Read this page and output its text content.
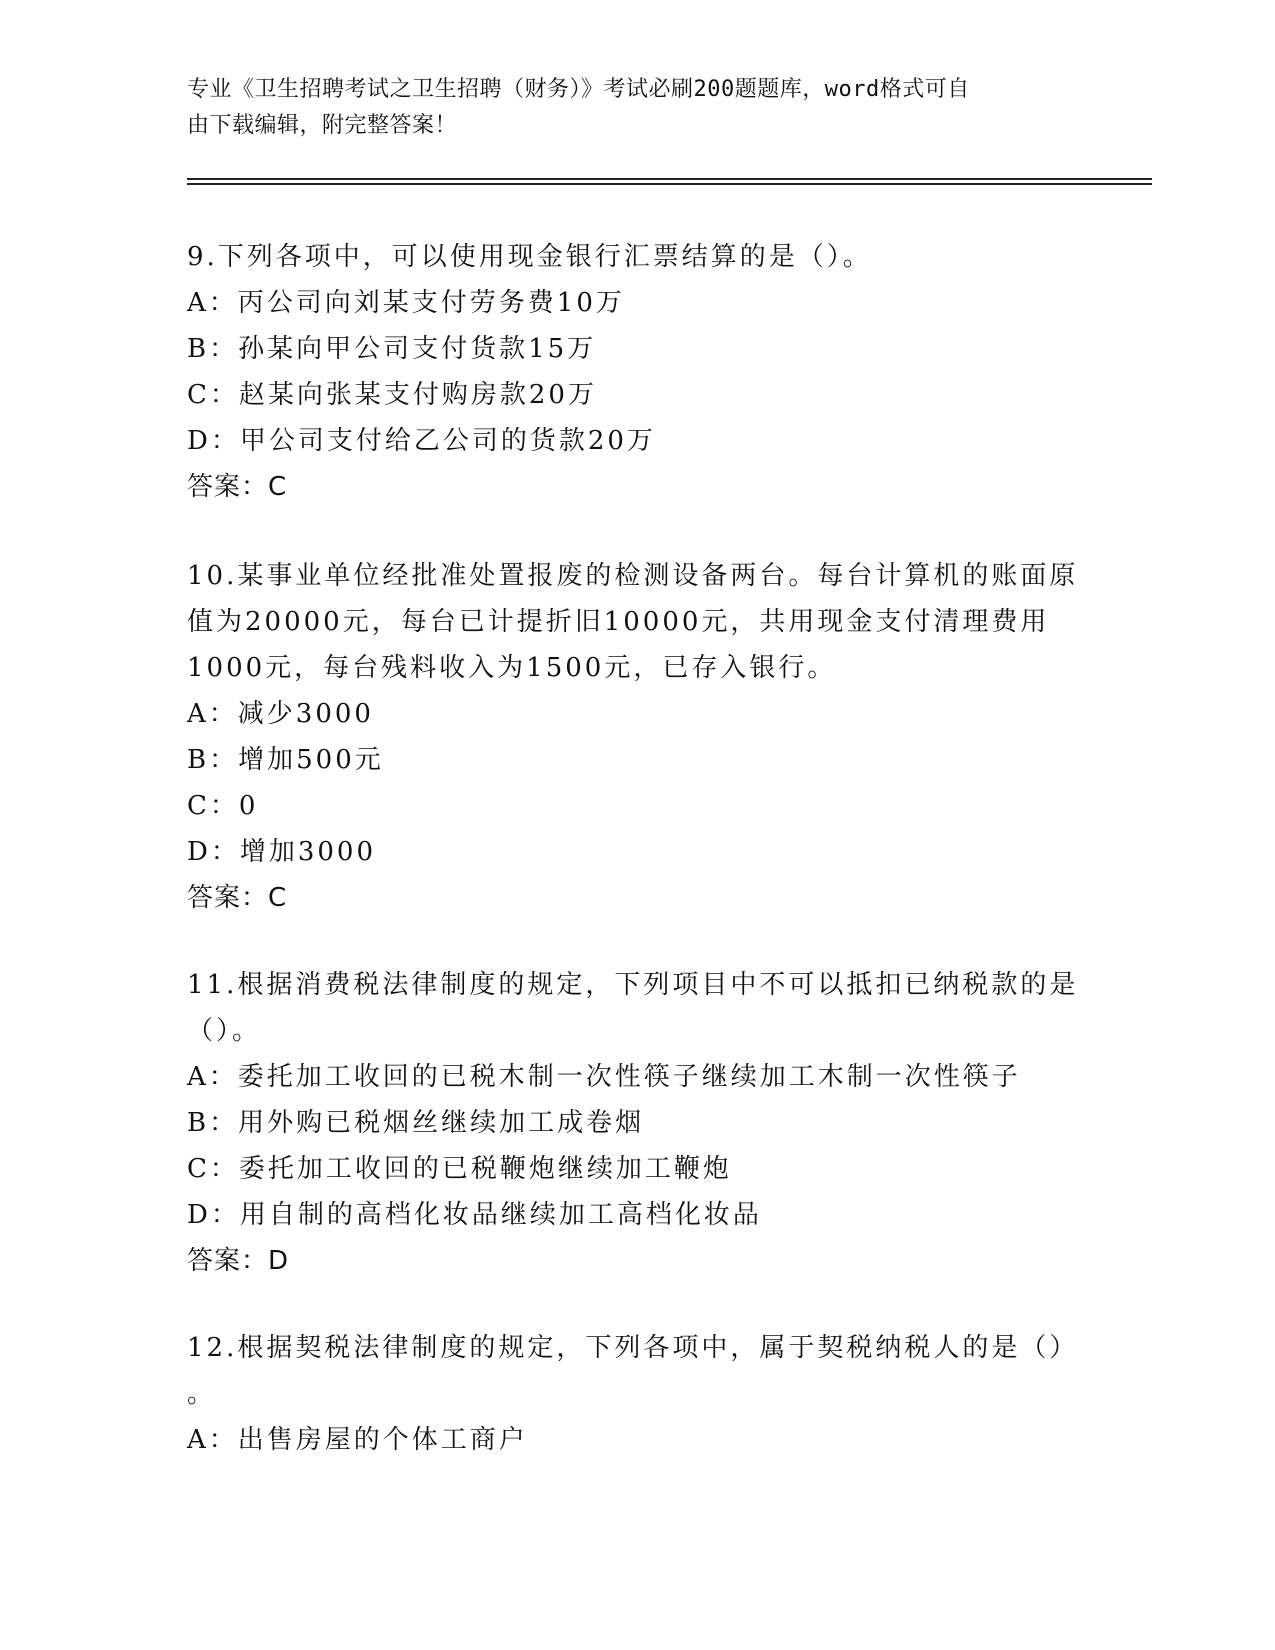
专业《卫生招聘考试之卫生招聘（财务）》考试必刷200题题库，word格式可自
由下载编辑，附完整答案！
9.下列各项中，可以使用现金银行汇票结算的是（）。
A：丙公司向刘某支付劳务费10万
B：孙某向甲公司支付货款15万
C：赵某向张某支付购房款20万
D：甲公司支付给乙公司的货款20万
答案：C
10.某事业单位经批准处置报废的检测设备两台。每台计算机的账面原
值为20000元，每台已计提折旧10000元，共用现金支付清理费用
1000元，每台残料收入为1500元，已存入银行。
A：减少3000
B：增加500元
C：0
D：增加3000
答案：C
11.根据消费税法律制度的规定，下列项目中不可以抵扣已纳税款的是
（）。
A：委托加工收回的已税木制一次性筷子继续加工木制一次性筷子
B：用外购已税烟丝继续加工成卷烟
C：委托加工收回的已税鞭炮继续加工鞭炮
D：用自制的高档化妆品继续加工高档化妆品
答案：D
12.根据契税法律制度的规定，下列各项中，属于契税纳税人的是（）
。
A：出售房屋的个体工商户
